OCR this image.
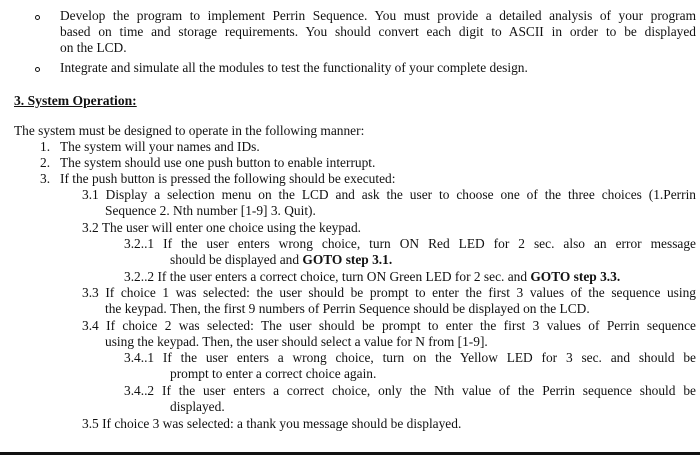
Develop the program to implement Perrin Sequence. You must provide a detailed analysis of your program
based on time and storage requirements. You should convert each digit to ASCII in order to be displayed
on the LCD.
Integrate and simulate all the modules to test the functionality of your complete design.
3. System Operation:
The system must be designed to operate in the following manner:
1. The system will your names and IDs.
2. The system should use one push button to enable interrupt.
3. If the push button is pressed the following should be executed:
3.1 Display a selection menu on the LCD and ask the user to choose one of the three choices (1.Perrin
Sequence 2. Nth number [1-9] 3. Quit).
3.2 The user will enter one choice using the keypad.
3.2..1 If the user enters wrong choice, turn ON Red LED for 2 sec. also an error message
should be displayed and GOTO step 3.1.
3.2..2 If the user enters a correct choice, turn ON Green LED for 2 sec. and GOTO step 3.3.
3.3 If choice 1 was selected: the user should be prompt to enter the first 3 values of the sequence using
the keypad. Then, the first 9 numbers of Perrin Sequence should be displayed on the LCD.
3.4 If choice 2 was selected: The user should be prompt to enter the first 3 values of Perrin sequence
using the keypad. Then, the user should select a value for N from [1-9].
3.4..1 If the user enters a wrong choice, turn on the Yellow LED for 3 sec. and should be
prompt to enter a correct choice again.
3.4..2 If the user enters a correct choice, only the Nth value of the Perrin sequence should be
displayed.
3.5 If choice 3 was selected: a thank you message should be displayed.
